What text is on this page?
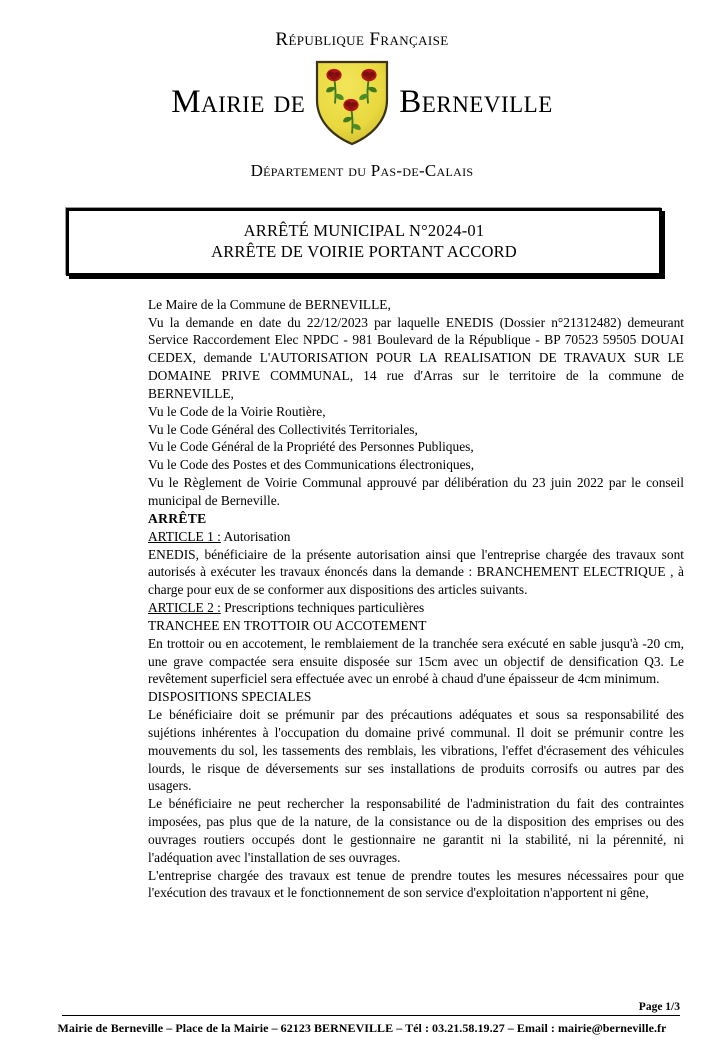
République Française
Mairie de	Berneville
Département du Pas-de-Calais
ARRÊTÉ MUNICIPAL N°2024-01
ARRÊTE DE VOIRIE PORTANT ACCORD

Le Maire de la Commune de BERNEVILLE,

Vu la demande en date du 22/12/2023 par laquelle ENEDIS (Dossier n°21312482) demeurant Service Raccordement Elec NPDC - 981 Boulevard de la République - BP 70523 59505 DOUAI CEDEX, demande L'AUTORISATION POUR LA REALISATION DE TRAVAUX SUR LE DOMAINE PRIVE COMMUNAL, 14 rue d'Arras sur le territoire de la commune de BERNEVILLE,

Vu le Code de la Voirie Routière,

Vu le Code Général des Collectivités Territoriales,

Vu le Code Général de la Propriété des Personnes Publiques,

Vu le Code des Postes et des Communications électroniques,

Vu le Règlement de Voirie Communal approuvé par délibération du 23 juin 2022 par le conseil municipal de Berneville.

ARRÊTE

ARTICLE 1 : Autorisation

ENEDIS, bénéficiaire de la présente autorisation ainsi que l'entreprise chargée des travaux sont autorisés à exécuter les travaux énoncés dans la demande : BRANCHEMENT ELECTRIQUE , à charge pour eux de se conformer aux dispositions des articles suivants.

ARTICLE 2 : Prescriptions techniques particulières

TRANCHEE EN TROTTOIR OU ACCOTEMENT

En trottoir ou en accotement, le remblaiement de la tranchée sera exécuté en sable jusqu'à -20 cm, une grave compactée sera ensuite disposée sur 15cm avec un objectif de densification Q3. Le revêtement superficiel sera effectuée avec un enrobé à chaud d'une épaisseur de 4cm minimum.

DISPOSITIONS SPECIALES

Le bénéficiaire doit se prémunir par des précautions adéquates et sous sa responsabilité des sujétions inhérentes à l'occupation du domaine privé communal. Il doit se prémunir contre les mouvements du sol, les tassements des remblais, les vibrations, l'effet d'écrasement des véhicules lourds, le risque de déversements sur ses installations de produits corrosifs ou autres par des usagers.

Le bénéficiaire ne peut rechercher la responsabilité de l'administration du fait des contraintes imposées, pas plus que de la nature, de la consistance ou de la disposition des emprises ou des ouvrages routiers occupés dont le gestionnaire ne garantit ni la stabilité, ni la pérennité, ni l'adéquation avec l'installation de ses ouvrages.

L'entreprise chargée des travaux est tenue de prendre toutes les mesures nécessaires pour que l'exécution des travaux et le fonctionnement de son service d'exploitation n'apportent ni gêne,

Page 1/3
Mairie de Berneville – Place de la Mairie – 62123 BERNEVILLE – Tél : 03.21.58.19.27 – Email : mairie@berneville.fr
